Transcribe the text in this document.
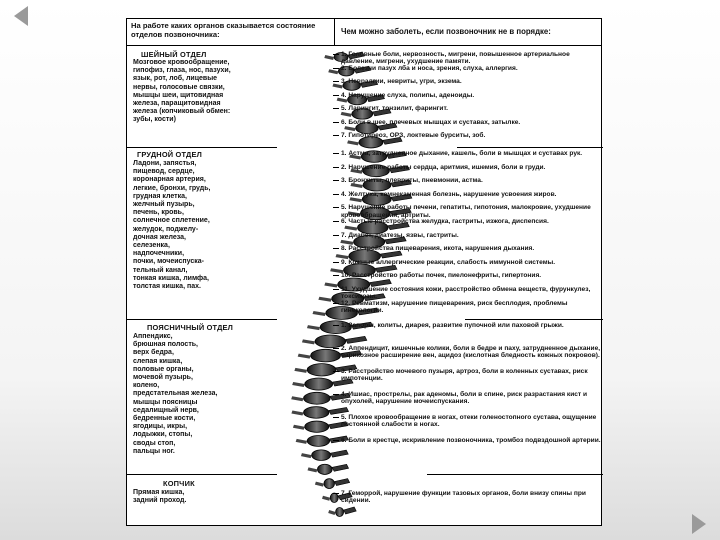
На работе каких органов сказывается состояние отделов позвоночника:	Чем можно заболеть, если позвоночник не в порядке:
ШЕЙНЫЙ ОТДЕЛ
Мозговое кровообращение,
гипофиз, глаза, нос, пазухи,
язык, рот, лоб, лицевые
нервы, голосовые связки,
мышцы шеи, щитовидная
железа, паращитовидная
железа (копчиковый обмен:
зубы, кости)
ГРУДНОЙ ОТДЕЛ
Ладони, запястья,
пищевод, сердце,
коронарная артерия,
легкие, бронхи, грудь,
грудная клетка,
желчный пузырь,
печень, кровь,
солнечное сплетение,
желудок, поджелу-
дочная железа,
селезенка,
надпочечники,
почки, мочеиспуска-
тельный канал,
тонкая кишка, лимфа,
толстая кишка, пах.
ПОЯСНИЧНЫЙ ОТДЕЛ
Аппендикс,
брюшная полость,
верх бедра,
слепая кишка,
половые органы,
мочевой пузырь,
колено,
предстательная железа,
мышцы поясницы
седалищный нерв,
бедренные кости,
ягодицы, икры,
лодыжки, стопы,
своды стоп,
пальцы ног.
КОПЧИК
Прямая кишка,
задний проход.
1. Головные боли, нервозность, мигрени, повышенное артериальное давление, мигрени, ухудшение памяти.
2. Болезни пазух лба и носа, зрения, слуха, аллергия.
3. Невралгии, невриты, угри, экзема.
4. Нарушение слуха, полипы, аденоиды.
5. Ларингит, тонзилит, фарингит.
6. Боли в шее, плечевых мышцах и суставах, затылке.
7. Гипотиреоз, ОРЗ, локтевые бурситы, зоб.
1. Астма, затрудненное дыхание, кашель, боли в мышцах и суставах рук.
2. Нарушение работы сердца, аритмия, ишемия, боли в груди.
3. Бронхиты, плевриты, пневмонии, астма.
4. Желтуха, камнекаменная болезнь, нарушение усвоения жиров.
5. Нарушение работы печени, гепатиты, гипотония, малокровие, ухудшение кровообращения, артриты.
6. Частые расстройства желудка, гастриты, изжога, диспепсия.
7. Диабет, диатезы, язвы, гастриты.
8. Расстройства пищеварения, икота, нарушения дыхания.
9. Кожные аллергические реакции, слабость иммунной системы.
10. Расстройство работы почек, пиелонефриты, гипертония.
11. Ухудшение состояния кожи, расстройство обмена веществ, фурункулез, токсикозы.
12. Ревматизм, нарушение пищеварения, риск бесплодия, проблемы гинекологии.
1. Запоры, колиты, диарея, развитие пупочной или паховой грыжи.
2. Аппендицит, кишечные колики, боли в бедре и паху, затрудненное дыхание, варикозное расширение вен, ацидоз (кислотная бледность кожных покровов).
3. Расстройство мочевого пузыря, артроз, боли в коленных суставах, риск импотенции.
4. Ишиас, прострелы, рак аденомы, боли в спине, риск разрастания кист и опухолей, нарушение мочеиспускания.
5. Плохое кровообращение в ногах, отеки голеностопного сустава, ощущение постоянной слабости в ногах.
6. Боли в крестце, искривление позвоночника, тромбоз подвздошной артерии.
7. Геморрой, нарушение функции тазовых органов, боли внизу спины при сидении.
